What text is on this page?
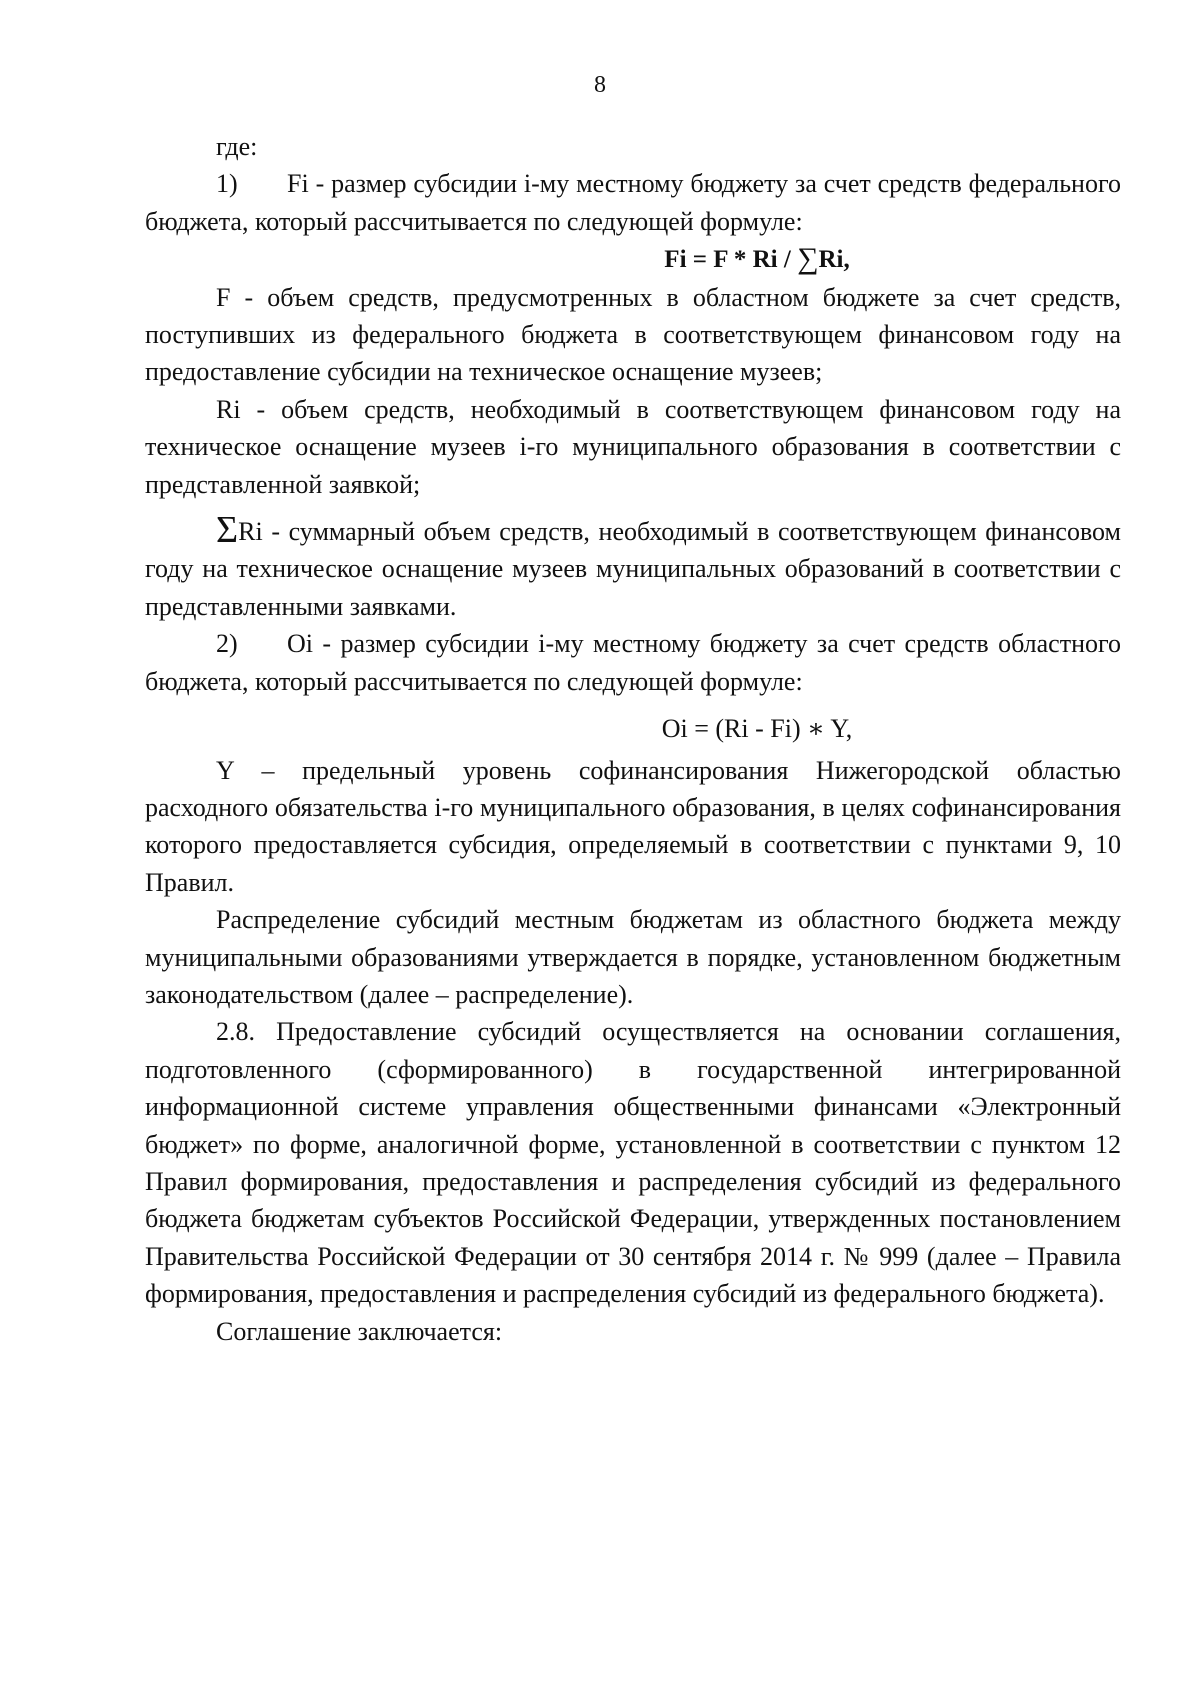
8

где:

1) Fi - размер субсидии i-му местному бюджету за счет средств федерального бюджета, который рассчитывается по следующей формуле:

Fi = F * Ri / ∑Ri,

F - объем средств, предусмотренных в областном бюджете за счет средств, поступивших из федерального бюджета в соответствующем финансовом году на предоставление субсидии на техническое оснащение музеев;

Ri - объем средств, необходимый в соответствующем финансовом году на техническое оснащение музеев i-го муниципального образования в соответствии с представленной заявкой;

ΣRi - суммарный объем средств, необходимый в соответствующем финансовом году на техническое оснащение музеев муниципальных образований в соответствии с представленными заявками.

2) Oi - размер субсидии i-му местному бюджету за счет средств областного бюджета, который рассчитывается по следующей формуле:

Oi = (Ri - Fi) ∗ Y,

Y – предельный уровень софинансирования Нижегородской областью расходного обязательства i-го муниципального образования, в целях софинансирования которого предоставляется субсидия, определяемый в соответствии с пунктами 9, 10 Правил.

Распределение субсидий местным бюджетам из областного бюджета между муниципальными образованиями утверждается в порядке, установленном бюджетным законодательством (далее – распределение).

2.8. Предоставление субсидий осуществляется на основании соглашения, подготовленного (сформированного) в государственной интегрированной информационной системе управления общественными финансами «Электронный бюджет» по форме, аналогичной форме, установленной в соответствии с пунктом 12 Правил формирования, предоставления и распределения субсидий из федерального бюджета бюджетам субъектов Российской Федерации, утвержденных постановлением Правительства Российской Федерации от 30 сентября 2014 г. № 999 (далее – Правила формирования, предоставления и распределения субсидий из федерального бюджета).

Соглашение заключается:
